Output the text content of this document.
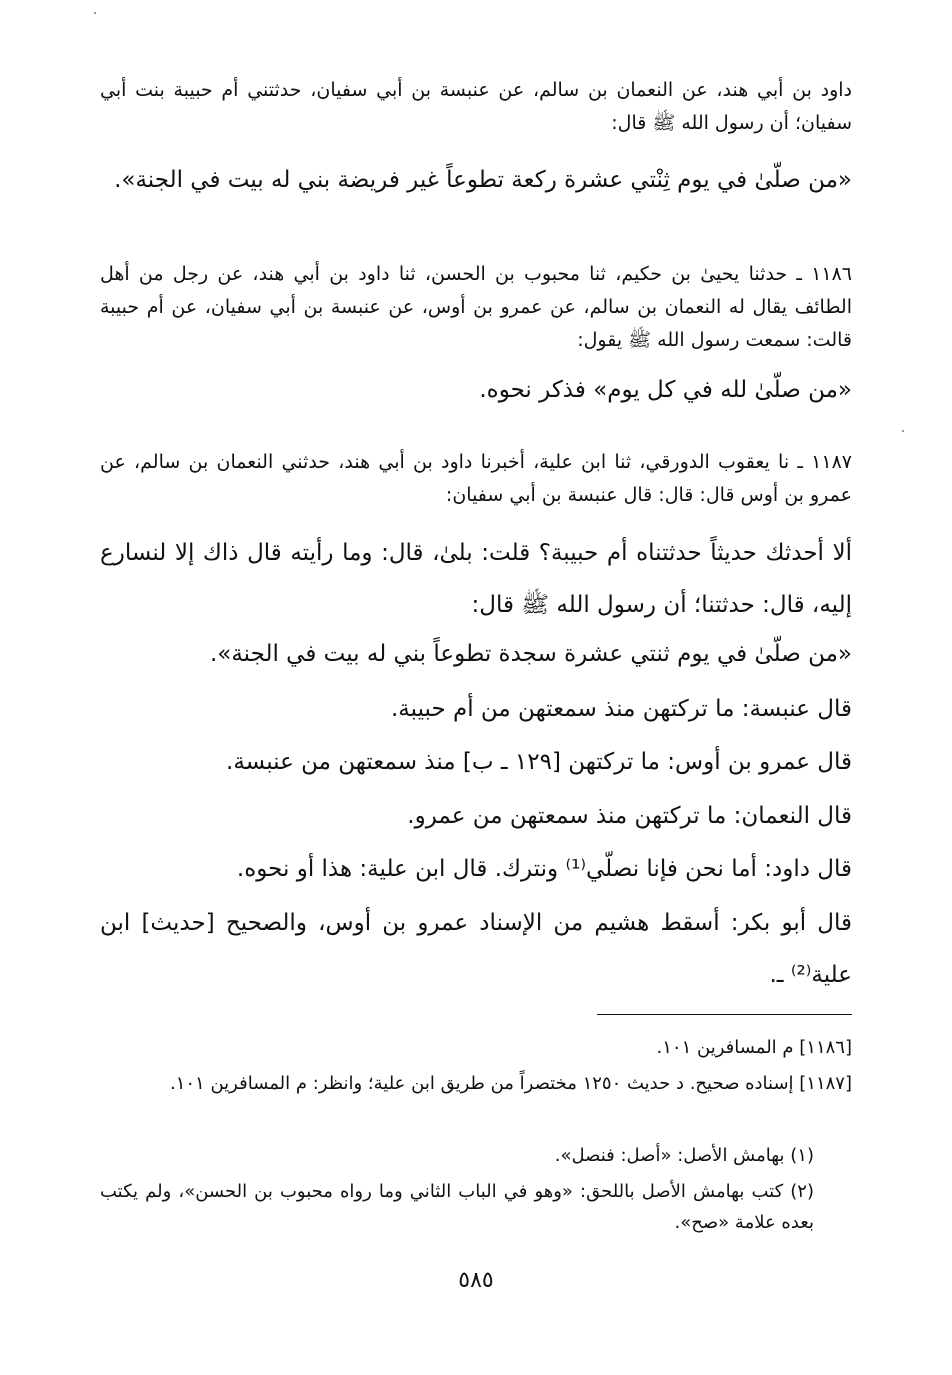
داود بن أبي هند، عن النعمان بن سالم، عن عنبسة بن أبي سفيان، حدثتني أم حبيبة بنت أبي سفيان؛ أن رسول الله ﷺ قال:
«من صلّىٰ في يوم ثِنْتي عشرة ركعة تطوعاً غير فريضة بني له بيت في الجنة».
١١٨٦ ـ حدثنا يحيىٰ بن حكيم، ثنا محبوب بن الحسن، ثنا داود بن أبي هند، عن رجل من أهل الطائف يقال له النعمان بن سالم، عن عمرو بن أوس، عن عنبسة بن أبي سفيان، عن أم حبيبة قالت: سمعت رسول الله ﷺ يقول:
«من صلّىٰ لله في كل يوم» فذكر نحوه.
١١٨٧ ـ نا يعقوب الدورقي، ثنا ابن علية، أخبرنا داود بن أبي هند، حدثني النعمان بن سالم، عن عمرو بن أوس قال: قال: قال عنبسة بن أبي سفيان:
ألا أحدثك حديثاً حدثتناه أم حبيبة؟ قلت: بلىٰ، قال: وما رأيته قال ذاك إلا لنسارع إليه، قال: حدثتنا؛ أن رسول الله ﷺ قال:
«من صلّىٰ في يوم ثنتي عشرة سجدة تطوعاً بني له بيت في الجنة».
قال عنبسة: ما تركتهن منذ سمعتهن من أم حبيبة.
قال عمرو بن أوس: ما تركتهن [١٢٩ ـ ب] منذ سمعتهن من عنبسة.
قال النعمان: ما تركتهن منذ سمعتهن من عمرو.
قال داود: أما نحن فإنا نصلّي⁽¹⁾ ونترك. قال ابن علية: هذا أو نحوه.
قال أبو بكر: أسقط هشيم من الإسناد عمرو بن أوس، والصحيح [حديث] ابن علية⁽²⁾ ـ.
[١١٨٦] م المسافرين ١٠١.
[١١٨٧] إسناده صحيح. د حديث ١٢٥٠ مختصراً من طريق ابن علية؛ وانظر: م المسافرين ١٠١.
(١) بهامش الأصل: «أصل: فنصل».
(٢) كتب بهامش الأصل باللحق: «وهو في الباب الثاني وما رواه محبوب بن الحسن»، ولم يكتب بعده علامة «صح».
٥٨٥
